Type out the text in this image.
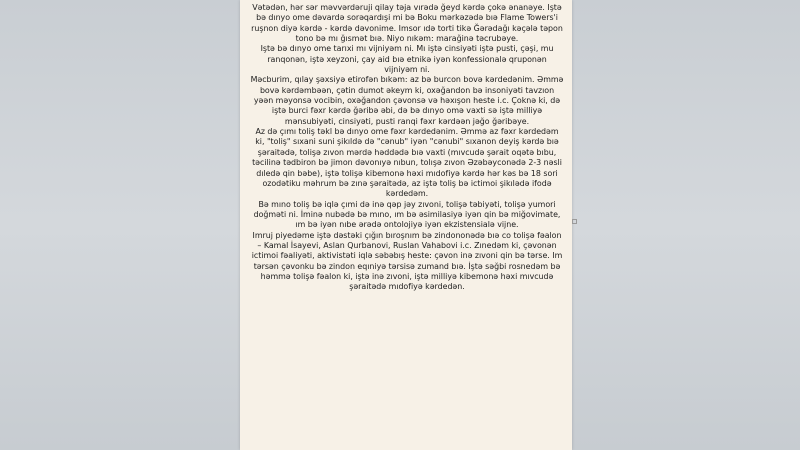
Vətədən, hər sər məvvərdəruji qilay təja vırədə ğeyd kərdə çokə ənanəye. Iştə bə dınyo ome dəvardə sorəqardışi mi bə Boku mərkəzədə bıə Flame Towers'i ruşnon diyə kərdə - kərdə dəvonime. Imsor ıdə torti tikə Ğərədağı kəçələ təpon tono bə mı ğısmət bıə. Niyo nıkəm: marağinə təcrubəye.

Iştə bə dınyo ome tarıxi mı vijniyəm ni. Mı iştə cinsiyəti iştə pusti, çəşi, mu ranqonən, iştə xeyzoni, çay aid bıə etnikə iyən konfessionalə qruponən vijniyəm ni.

Məcburim, qılay şəxsiyə etirofən bıkəm: az bə burcon bovə kərdedənim. Əmmə bovə kərdəmbəən, çətin dumot əkeym ki, oxəğandon bə insoniyəti tavzıon yəən məyonsə vocibin, oxəğandon çəvonsə və həxışon heste i.c. Çoknə ki, də iştə burci fəxr kərdə ğəribə əbi, də bə dınyo omə vaxti sə iştə milliyə mənsubiyəti, cinsiyəti, pusti ranqi fəxr kərdəən jəğo ğəribəye.

Az də çımı toliş təkl bə dınyo ome fəxr kərdedənim. Əmmə az fəxr kərdedəm ki, "toliş" sıxani suni şikıldə də "cənub" iyən "cənubi" sıxanon deyiş kərdə bıə şəraitədə, tolişə zıvon mərdə həddədə bıə vaxti (mıvcudə şərait oqətə bıbu, təcilinə tədbiron bə jimon dəvonıyə nıbun, tolışə zıvon Əzəbəyconədə 2-3 nəsli dıledə qin bəbe), iştə tolişə kibemonə həxi mıdofiyə kərdə hər kəs bə 18 sori ozodətiku məhrum bə zınə şəraitədə, az iştə toliş bə ictimoi şikılədə ifodə kərdedəm.

Bə mıno toliş bə iqlə çımi də inə qəp jəy zıvoni, tolişə təbiyəti, tolişə yumori doğməti ni. İminə nubədə bə mıno, ım bə əsimilasiyə iyən qin bə miğovimate, ım bə iyən nıbe ərədə ontolojiyə iyən ekzistensialə vijne.

Imruj piyedəme iştə dəstəki çığın bıroşnım bə zindononədə bıə co tolişə fəalon – Kamal İsayevi, Aslan Qurbanovi, Ruslan Vahabovi i.c. Zınedəm ki, çəvonən ictimoi fəaliyəti, aktivistəti iqlə səbəbış heste: çəvon inə zıvoni qin bə tərse. Im tərsən çəvonku bə zindon eqıniyə tərsisə zumand bıə. İştə səğbi rosnedəm bə həmmə tolişə fəalon ki, iştə inə zıvoni, iştə milliyə kibemonə həxi mıvcudə şəraitədə mıdofiyə kərdedən.
